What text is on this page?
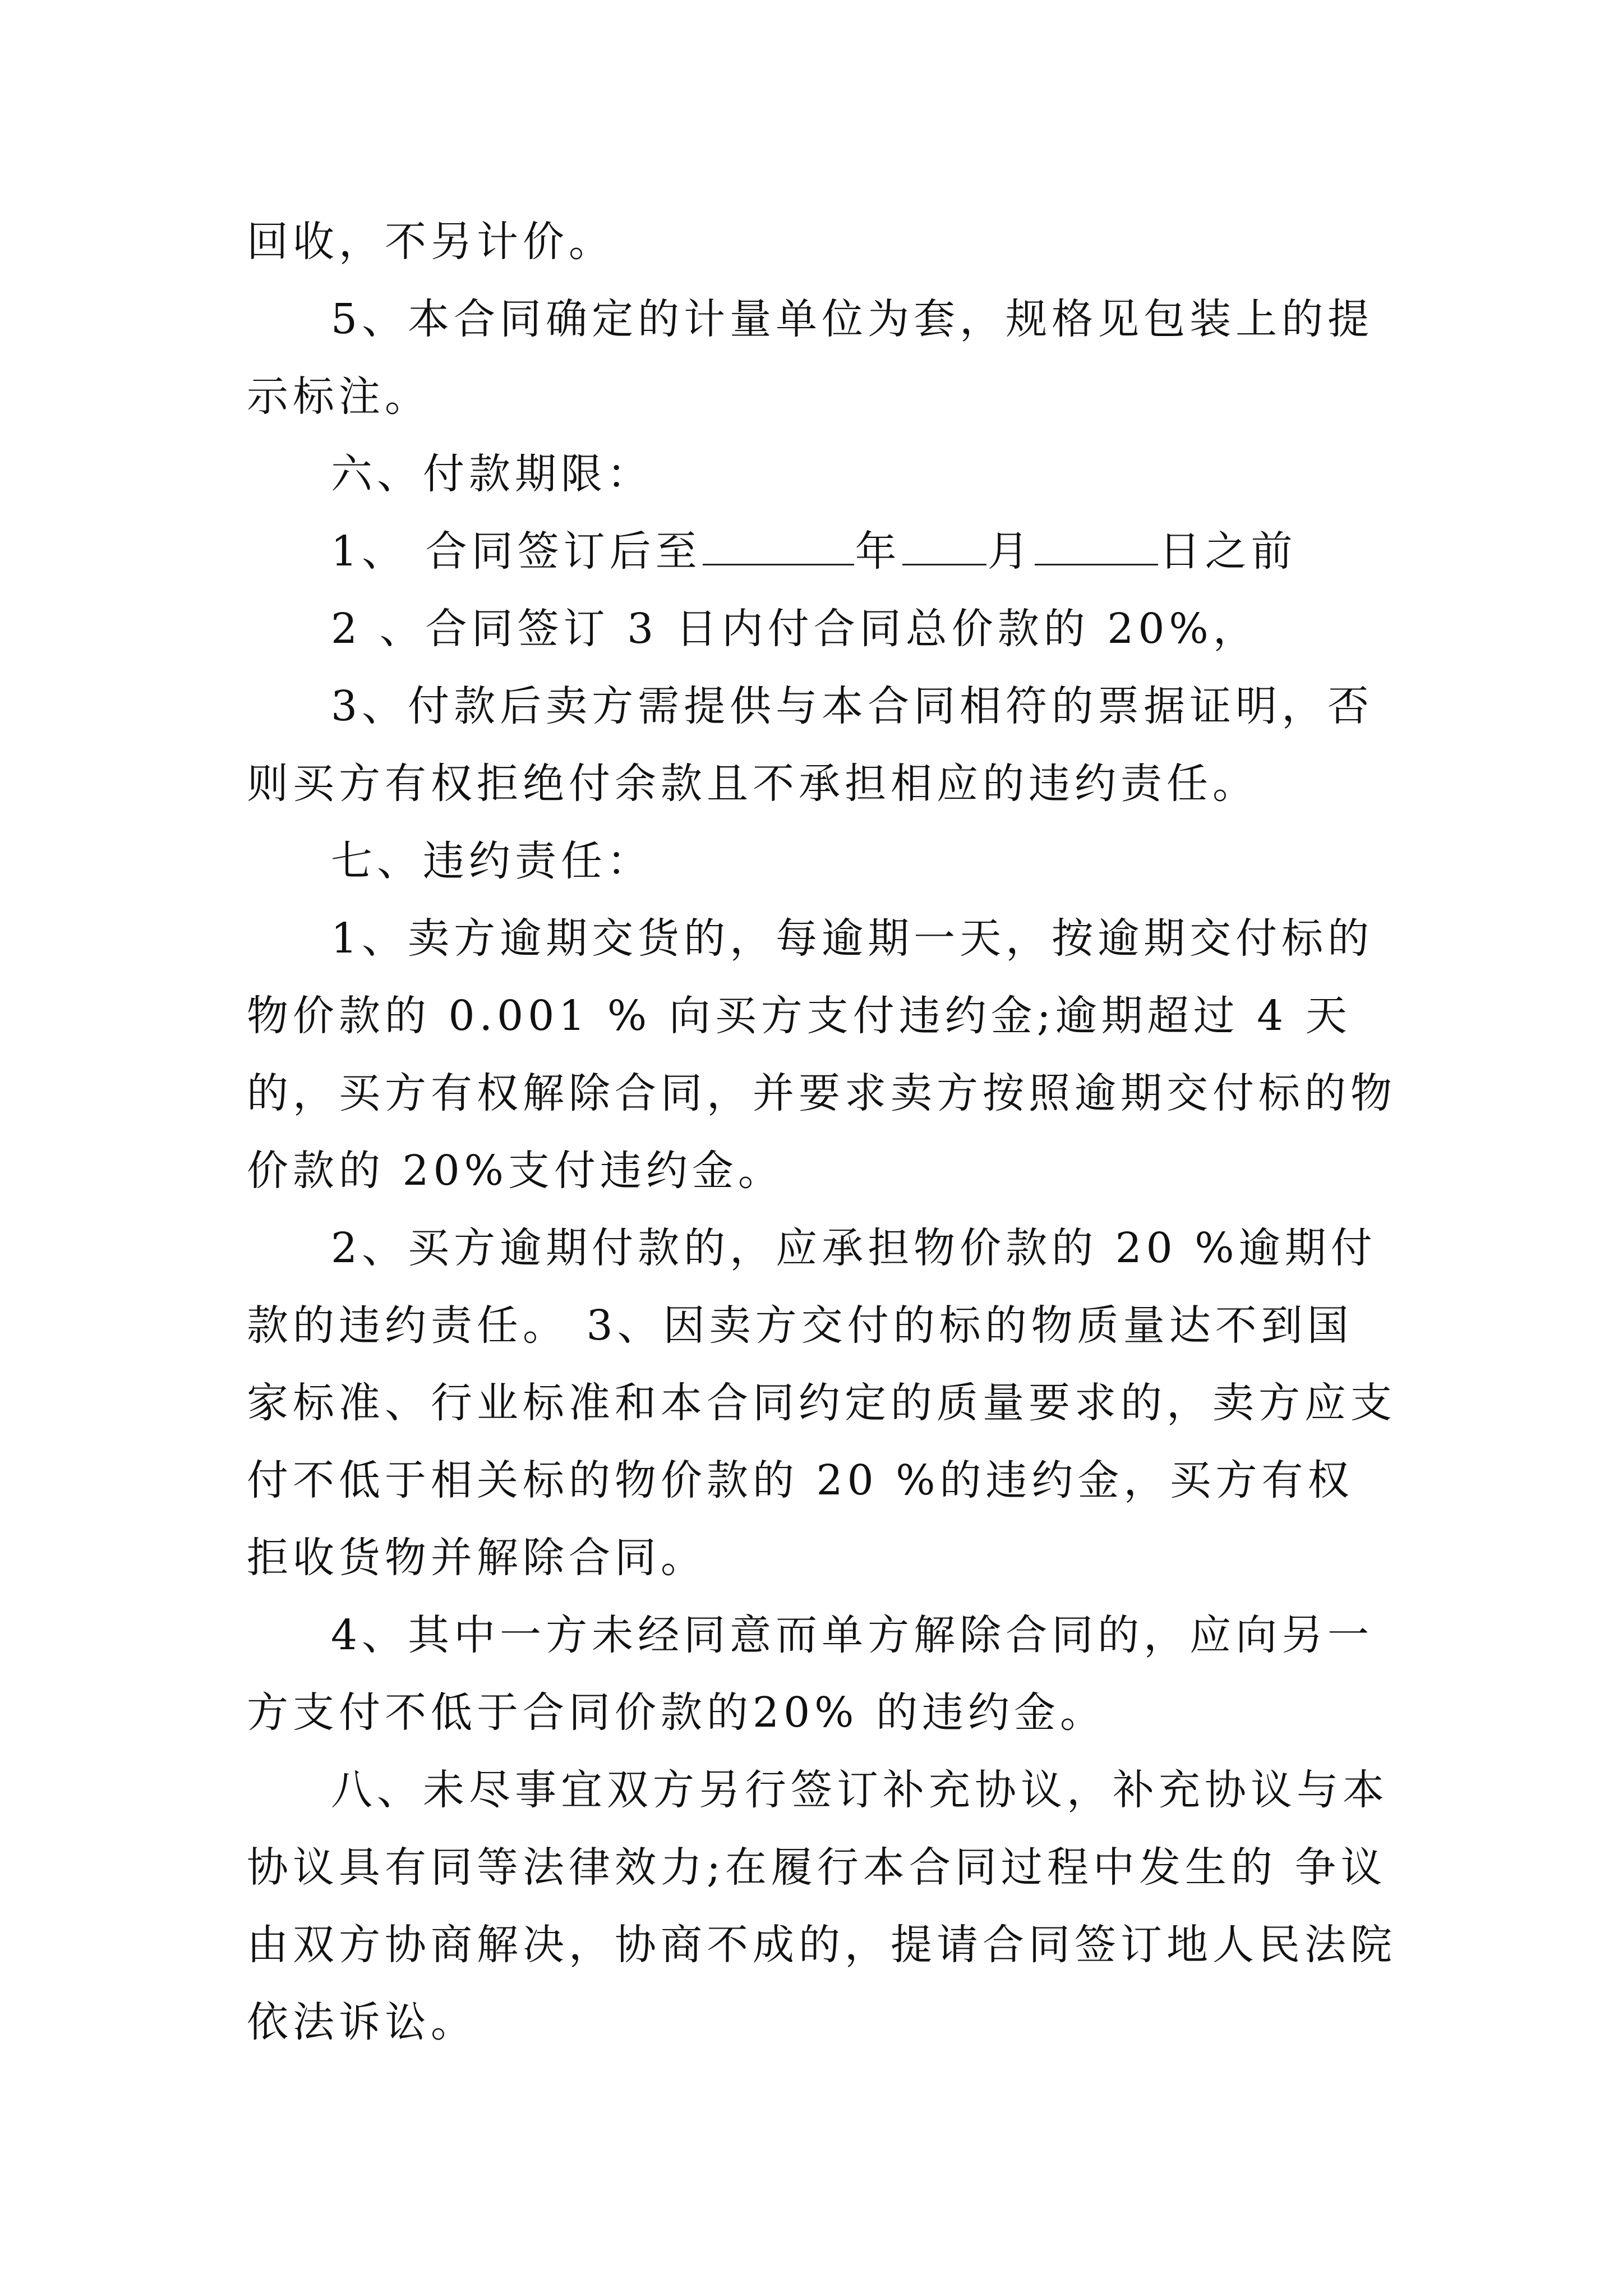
回收，不另计价。

5、本合同确定的计量单位为套，规格见包装上的提示标注。

六、付款期限：

1、 合同签订后至	年 月	日之前

2 、合同签订 3 日内付合同总价款的 20%，

3、付款后卖方需提供与本合同相符的票据证明，否则买方有权拒绝付余款且不承担相应的违约责任。

七、违约责任：

1、卖方逾期交货的，每逾期一天，按逾期交付标的物价款的 0.001 % 向买方支付违约金;逾期超过 4 天的，买方有权解除合同，并要求卖方按照逾期交付标的物价款的 20%支付违约金。

2、买方逾期付款的，应承担物价款的 20 %逾期付款的违约责任。 3、因卖方交付的标的物质量达不到国家标准、行业标准和本合同约定的质量要求的，卖方应支付不低于相关标的物价款的 20 %的违约金，买方有权拒收货物并解除合同。

4、其中一方未经同意而单方解除合同的，应向另一方支付不低于合同价款的20% 的违约金。

八、未尽事宜双方另行签订补充协议，补充协议与本协议具有同等法律效力;在履行本合同过程中发生的 争议由双方协商解决，协商不成的，提请合同签订地人民法院依法诉讼。
